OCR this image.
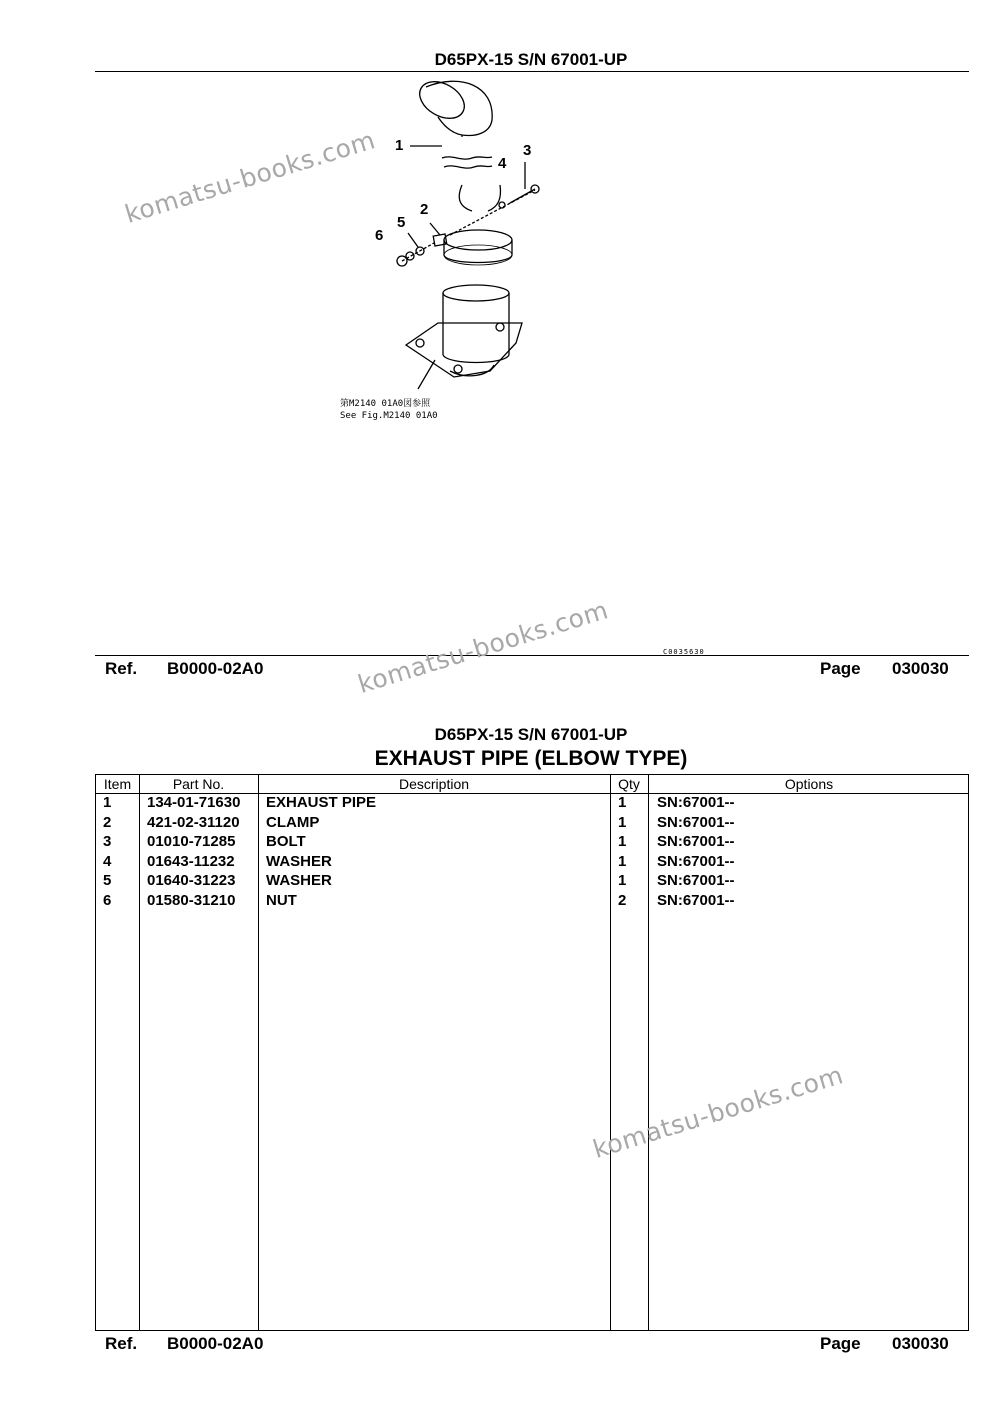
D65PX-15 S/N 67001-UP
1
2
3
4
5
6
第M2140 01A0図参照
See Fig.M2140 01A0
C0035630
Ref. B0000-02A0	Page 030030
D65PX-15 S/N 67001-UP
EXHAUST PIPE (ELBOW TYPE)
Item	Part No.	Description	Qty	Options
1 134-01-71630 EXHAUST PIPE	1 SN:67001--
2 421-02-31120 CLAMP	1 SN:67001--
3 01010-71285 BOLT	1 SN:67001--
4 01643-11232 WASHER	1 SN:67001--
5 01640-31223 WASHER	1 SN:67001--
6 01580-31210 NUT	2 SN:67001--
Ref. B0000-02A0	Page 030030
komatsu-books.com
komatsu-books.com
komatsu-books.com
